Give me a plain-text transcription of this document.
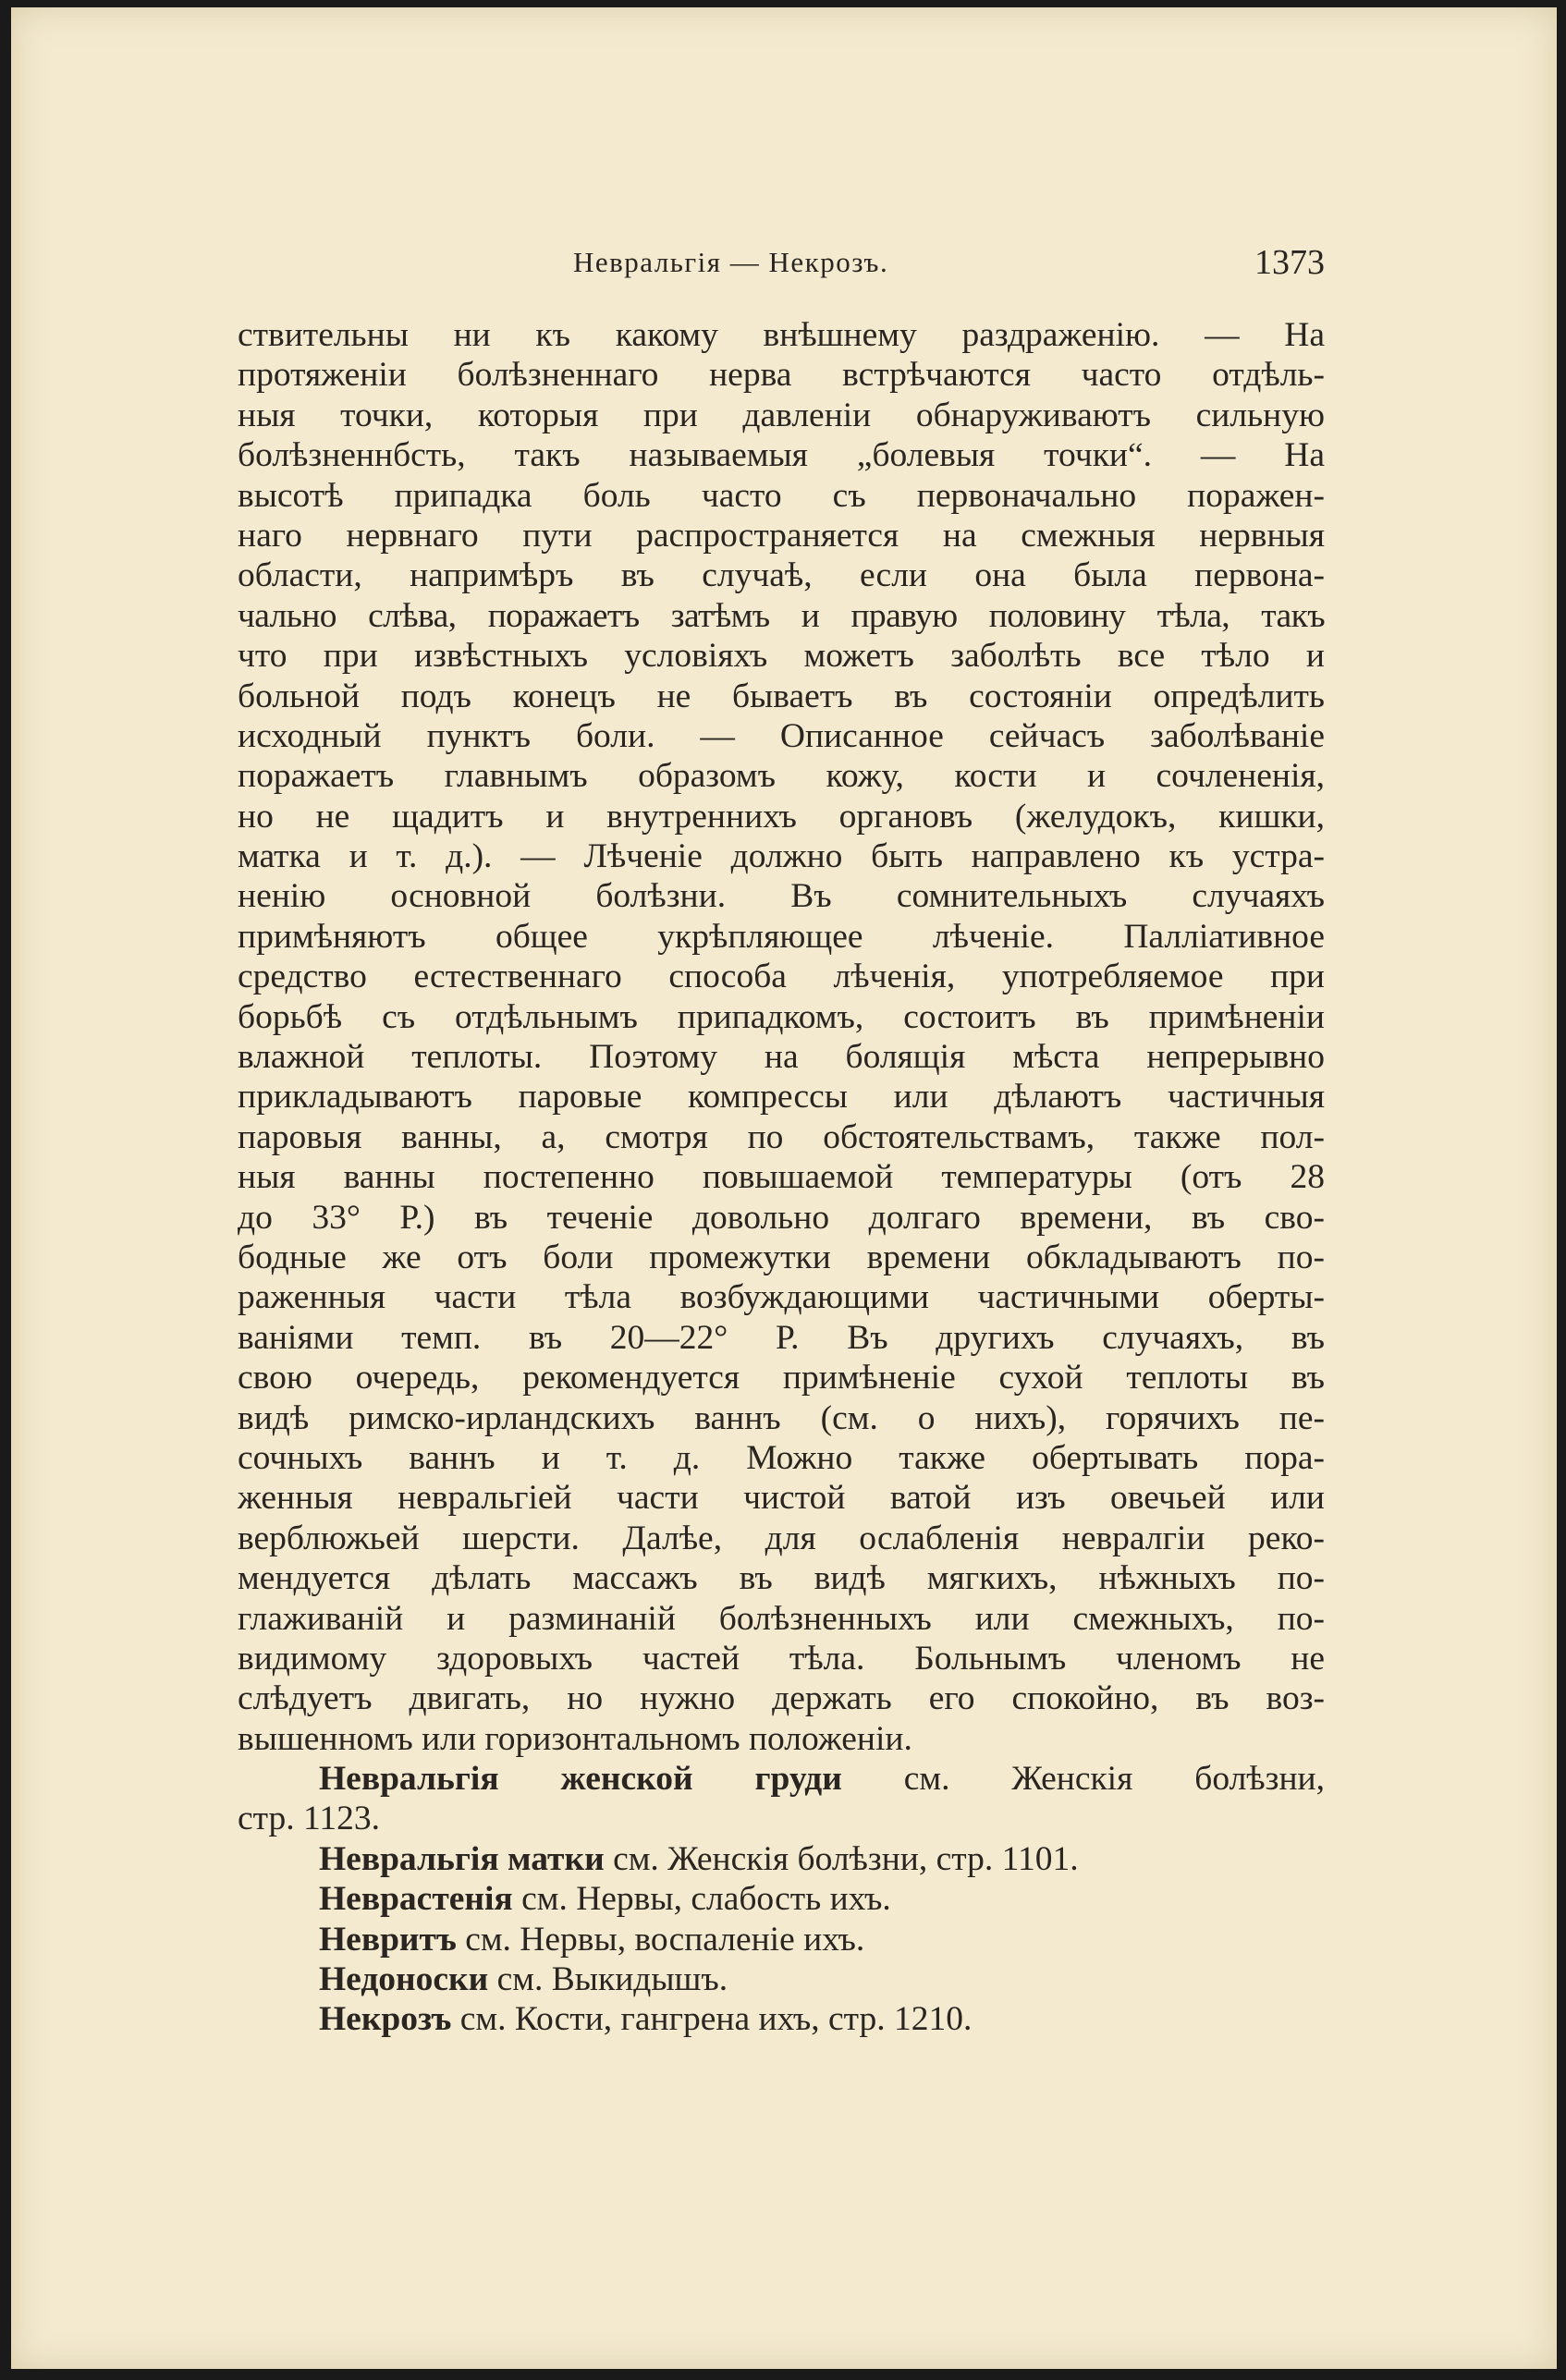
Невральгія — Некрозъ.	1373
ствительны ни къ какому внѣшнему раздраженію. — На
протяженіи болѣзненнаго нерва встрѣчаются часто отдѣль-
ныя точки, которыя при давленіи обнаруживаютъ сильную
болѣзненнбсть, такъ называемыя „болевыя точки“. — На
высотѣ припадка боль часто съ первоначально поражен-
наго нервнаго пути распространяется на смежныя нервныя
области, напримѣръ въ случаѣ, если она была первона-
чально слѣва, поражаетъ затѣмъ и правую половину тѣла, такъ
что при извѣстныхъ условіяхъ можетъ заболѣть все тѣло и
больной подъ конецъ не бываетъ въ состояніи опредѣлить
исходный пунктъ боли. — Описанное сейчасъ заболѣваніе
поражаетъ главнымъ образомъ кожу, кости и сочлененія,
но не щадитъ и внутреннихъ органовъ (желудокъ, кишки,
матка и т. д.). — Лѣченіе должно быть направлено къ устра-
ненію основной болѣзни. Въ сомнительныхъ случаяхъ
примѣняютъ общее укрѣпляющее лѣченіе. Палліативное
средство естественнаго способа лѣченія, употребляемое при
борьбѣ съ отдѣльнымъ припадкомъ, состоитъ въ примѣненіи
влажной теплоты. Поэтому на болящія мѣста непрерывно
прикладываютъ паровые компрессы или дѣлаютъ частичныя
паровыя ванны, а, смотря по обстоятельствамъ, также пол-
ныя ванны постепенно повышаемой температуры (отъ 28
до 33° Р.) въ теченіе довольно долгаго времени, въ сво-
бодные же отъ боли промежутки времени обкладываютъ по-
раженныя части тѣла возбуждающими частичными оберты-
ваніями темп. въ 20—22° Р. Въ другихъ случаяхъ, въ
свою очередь, рекомендуется примѣненіе сухой теплоты въ
видѣ римско-ирландскихъ ваннъ (см. о нихъ), горячихъ пе-
сочныхъ ваннъ и т. д. Можно также обертывать пора-
женныя невральгіей части чистой ватой изъ овечьей или
верблюжьей шерсти. Далѣе, для ослабленія невралгіи реко-
мендуется дѣлать массажъ въ видѣ мягкихъ, нѣжныхъ по-
глаживаній и разминаній болѣзненныхъ или смежныхъ, по-
видимому здоровыхъ частей тѣла. Больнымъ членомъ не
слѣдуетъ двигать, но нужно держать его спокойно, въ воз-
вышенномъ или горизонтальномъ положеніи.
Невральгія женской груди см. Женскія болѣзни,
стр. 1123.
Невральгія матки см. Женскія болѣзни, стр. 1101.
Неврастенія см. Нервы, слабость ихъ.
Невритъ см. Нервы, воспаленіе ихъ.
Недоноски см. Выкидышъ.
Некрозъ см. Кости, гангрена ихъ, стр. 1210.
